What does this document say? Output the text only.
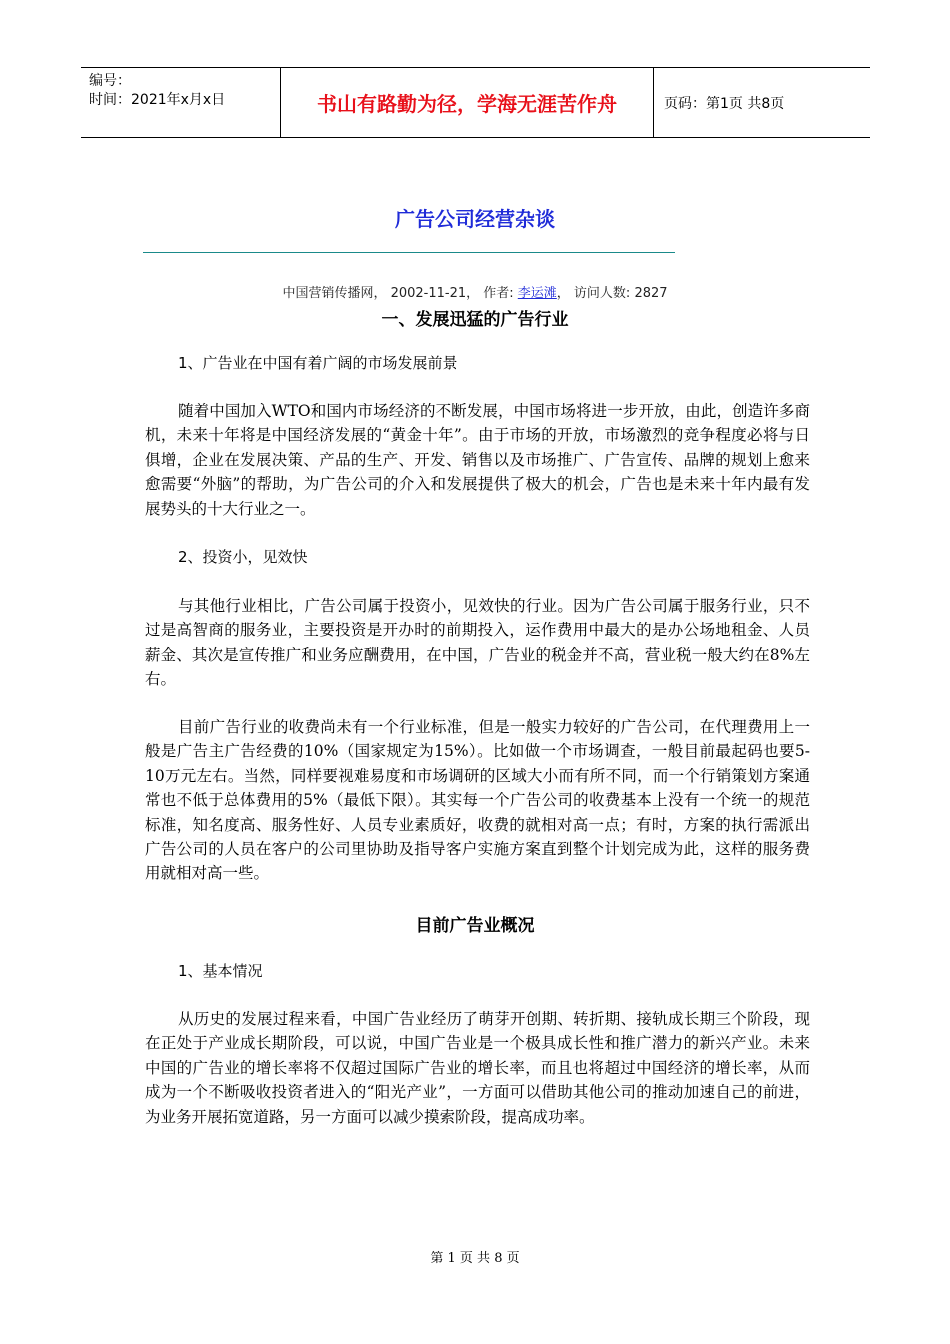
编号：
时间：2021年x月x日	书山有路勤为径，学海无涯苦作舟	页码：第1页 共8页
广告公司经营杂谈
中国营销传播网， 2002-11-21， 作者: 李运滩， 访问人数: 2827
一、发展迅猛的广告行业
1、广告业在中国有着广阔的市场发展前景
随着中国加入WTO和国内市场经济的不断发展，中国市场将进一步开放，由此，创造许多商机，未来十年将是中国经济发展的“黄金十年”。由于市场的开放，市场激烈的竞争程度必将与日俱增，企业在发展决策、产品的生产、开发、销售以及市场推广、广告宣传、品牌的规划上愈来愈需要“外脑”的帮助，为广告公司的介入和发展提供了极大的机会，广告也是未来十年内最有发展势头的十大行业之一。
2、投资小，见效快
与其他行业相比，广告公司属于投资小，见效快的行业。因为广告公司属于服务行业，只不过是高智商的服务业，主要投资是开办时的前期投入，运作费用中最大的是办公场地租金、人员薪金、其次是宣传推广和业务应酬费用，在中国，广告业的税金并不高，营业税一般大约在8%左右。
目前广告行业的收费尚未有一个行业标准，但是一般实力较好的广告公司，在代理费用上一般是广告主广告经费的10%（国家规定为15%）。比如做一个市场调查，一般目前最起码也要5-10万元左右。当然，同样要视难易度和市场调研的区域大小而有所不同，而一个行销策划方案通常也不低于总体费用的5%（最低下限）。其实每一个广告公司的收费基本上没有一个统一的规范标准，知名度高、服务性好、人员专业素质好，收费的就相对高一点；有时，方案的执行需派出广告公司的人员在客户的公司里协助及指导客户实施方案直到整个计划完成为此，这样的服务费用就相对高一些。
目前广告业概况
1、基本情况
从历史的发展过程来看，中国广告业经历了萌芽开创期、转折期、接轨成长期三个阶段，现在正处于产业成长期阶段，可以说，中国广告业是一个极具成长性和推广潜力的新兴产业。未来中国的广告业的增长率将不仅超过国际广告业的增长率，而且也将超过中国经济的增长率，从而成为一个不断吸收投资者进入的“阳光产业”，一方面可以借助其他公司的推动加速自己的前进，为业务开展拓宽道路，另一方面可以减少摸索阶段，提高成功率。
第 1 页 共 8 页
